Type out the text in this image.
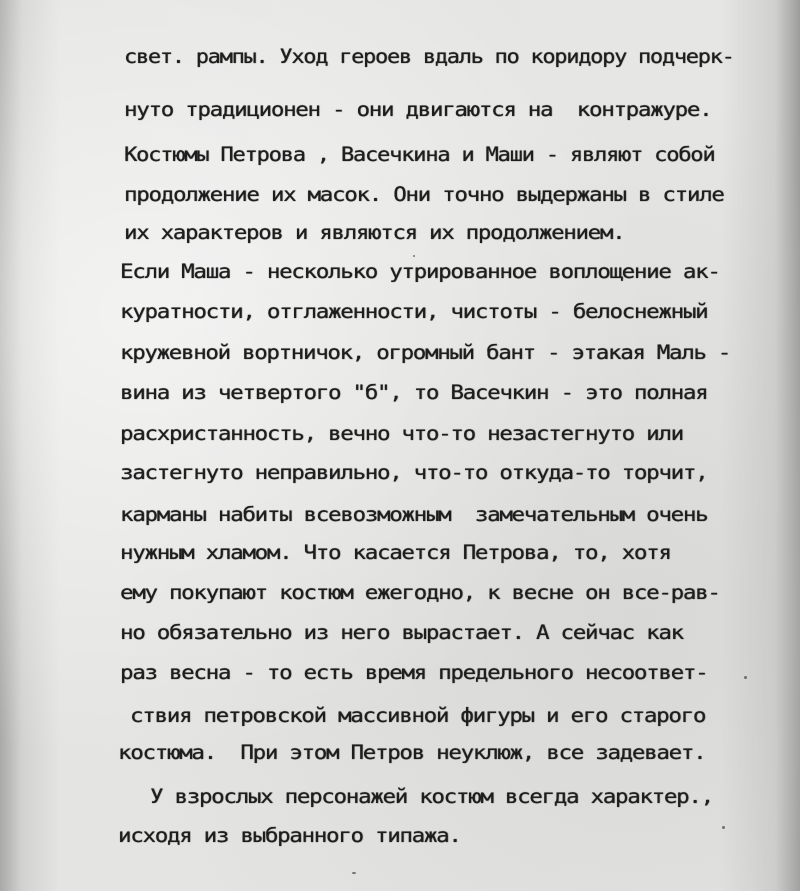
свет. рампы. Уход героев вдаль по коридору подчерк-
нуто традиционен - они двигаются на  контражуре.
Костюмы Петрова , Васечкина и Маши - являют собой
продолжение их масок. Они точно выдержаны в стиле
их характеров и являются их продолжением.
Если Маша - несколько утрированное воплощение ак-
куратности, отглаженности, чистоты - белоснежный
кружевной вортничок, огромный бант - этакая Маль -
вина из четвертого "б", то Васечкин - это полная
расхристанность, вечно что-то незастегнуто или
застегнуто неправильно, что-то откуда-то торчит,
карманы набиты всевозможным  замечательным очень
нужным хламом. Что касается Петрова, то, хотя
ему покупают костюм ежегодно, к весне он все-рав-
но обязательно из него вырастает. А сейчас как
раз весна - то есть время предельного несоответ-
ствия петровской массивной фигуры и его старого
костюма.  При этом Петров неуклюж, все задевает.
У взрослых персонажей костюм всегда характер.,
исходя из выбранного типажа.
